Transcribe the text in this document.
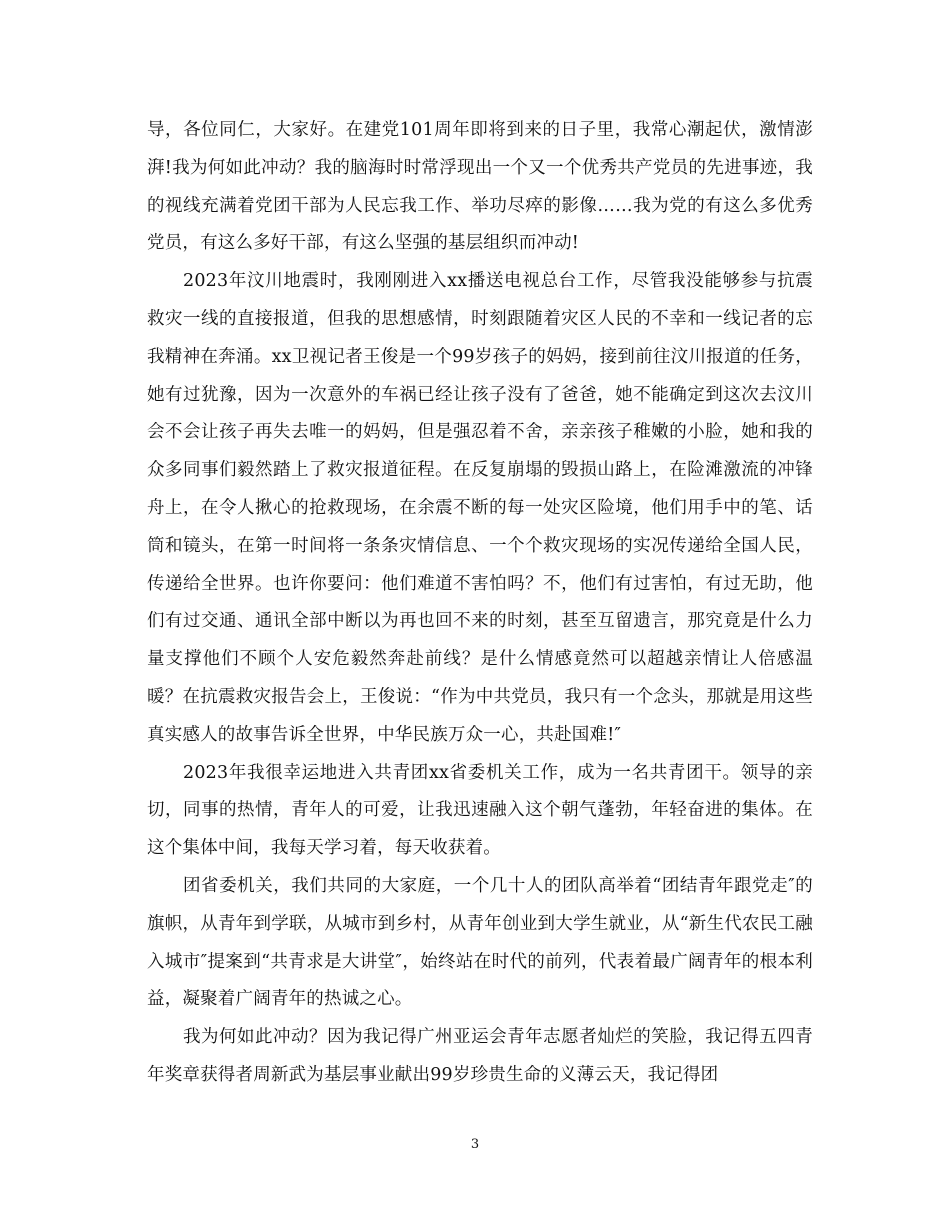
导，各位同仁，大家好。在建党101周年即将到来的日子里，我常心潮起伏，激情澎湃!我为何如此冲动？我的脑海时时常浮现出一个又一个优秀共产党员的先进事迹，我的视线充满着党团干部为人民忘我工作、举功尽瘁的影像……我为党的有这么多优秀党员，有这么多好干部，有这么坚强的基层组织而冲动!

2023年汶川地震时，我刚刚进入xx播送电视总台工作，尽管我没能够参与抗震救灾一线的直接报道，但我的思想感情，时刻跟随着灾区人民的不幸和一线记者的忘我精神在奔涌。xx卫视记者王俊是一个99岁孩子的妈妈，接到前往汶川报道的任务，她有过犹豫，因为一次意外的车祸已经让孩子没有了爸爸，她不能确定到这次去汶川会不会让孩子再失去唯一的妈妈，但是强忍着不舍，亲亲孩子稚嫩的小脸，她和我的众多同事们毅然踏上了救灾报道征程。在反复崩塌的毁损山路上，在险滩激流的冲锋舟上，在令人揪心的抢救现场，在余震不断的每一处灾区险境，他们用手中的笔、话筒和镜头，在第一时间将一条条灾情信息、一个个救灾现场的实况传递给全国人民，传递给全世界。也许你要问：他们难道不害怕吗？不，他们有过害怕，有过无助，他们有过交通、通讯全部中断以为再也回不来的时刻，甚至互留遗言，那究竟是什么力量支撑他们不顾个人安危毅然奔赴前线？是什么情感竟然可以超越亲情让人倍感温暖？在抗震救灾报告会上，王俊说：“作为中共党员，我只有一个念头，那就是用这些真实感人的故事告诉全世界，中华民族万众一心，共赴国难!″

2023年我很幸运地进入共青团xx省委机关工作，成为一名共青团干。领导的亲切，同事的热情，青年人的可爱，让我迅速融入这个朝气蓬勃，年轻奋进的集体。在这个集体中间，我每天学习着，每天收获着。

团省委机关，我们共同的大家庭，一个几十人的团队高举着“团结青年跟党走″的旗帜，从青年到学联，从城市到乡村，从青年创业到大学生就业，从“新生代农民工融入城市″提案到“共青求是大讲堂″，始终站在时代的前列，代表着最广阔青年的根本利益，凝聚着广阔青年的热诚之心。

我为何如此冲动？因为我记得广州亚运会青年志愿者灿烂的笑脸，我记得五四青年奖章获得者周新武为基层事业献出99岁珍贵生命的义薄云天，我记得团

3
